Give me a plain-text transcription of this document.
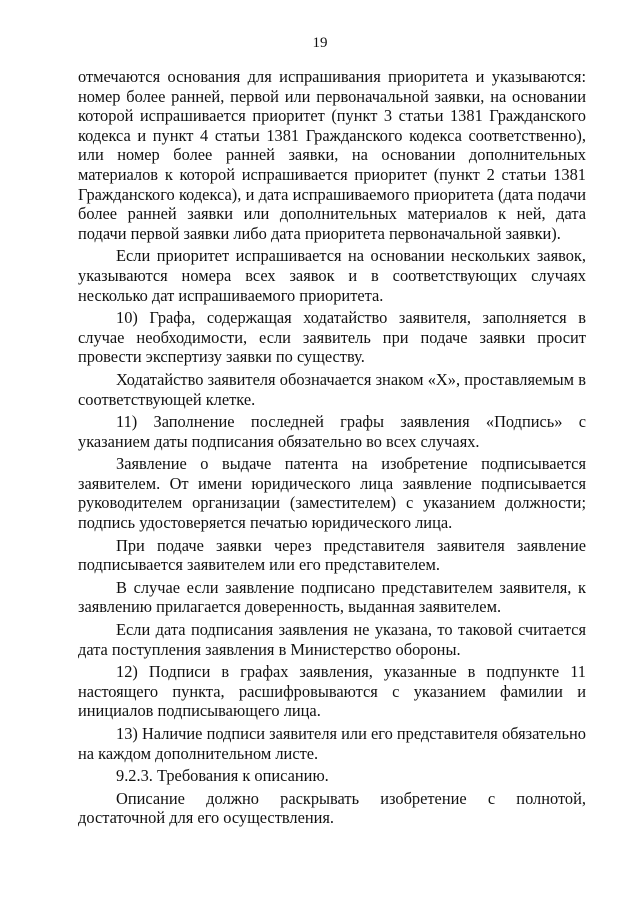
19

отмечаются основания для испрашивания приоритета и указываются: номер более ранней, первой или первоначальной заявки, на основании которой испрашивается приоритет (пункт 3 статьи 1381 Гражданского кодекса и пункт 4 статьи 1381 Гражданского кодекса соответственно), или номер более ранней заявки, на основании дополнительных материалов к которой испрашивается приоритет (пункт 2 статьи 1381 Гражданского кодекса), и дата испрашиваемого приоритета (дата подачи более ранней заявки или дополнительных материалов к ней, дата подачи первой заявки либо дата приоритета первоначальной заявки).

Если приоритет испрашивается на основании нескольких заявок, указываются номера всех заявок и в соответствующих случаях несколько дат испрашиваемого приоритета.

10) Графа, содержащая ходатайство заявителя, заполняется в случае необходимости, если заявитель при подаче заявки просит провести экспертизу заявки по существу.

Ходатайство заявителя обозначается знаком «Х», проставляемым в соответствующей клетке.

11) Заполнение последней графы заявления «Подпись» с указанием даты подписания обязательно во всех случаях.

Заявление о выдаче патента на изобретение подписывается заявителем. От имени юридического лица заявление подписывается руководителем организации (заместителем) с указанием должности; подпись удостоверяется печатью юридического лица.

При подаче заявки через представителя заявителя заявление подписывается заявителем или его представителем.

В случае если заявление подписано представителем заявителя, к заявлению прилагается доверенность, выданная заявителем.

Если дата подписания заявления не указана, то таковой считается дата поступления заявления в Министерство обороны.

12) Подписи в графах заявления, указанные в подпункте 11 настоящего пункта, расшифровываются с указанием фамилии и инициалов подписывающего лица.

13) Наличие подписи заявителя или его представителя обязательно на каждом дополнительном листе.

9.2.3. Требования к описанию.

Описание должно раскрывать изобретение с полнотой, достаточной для его осуществления.
